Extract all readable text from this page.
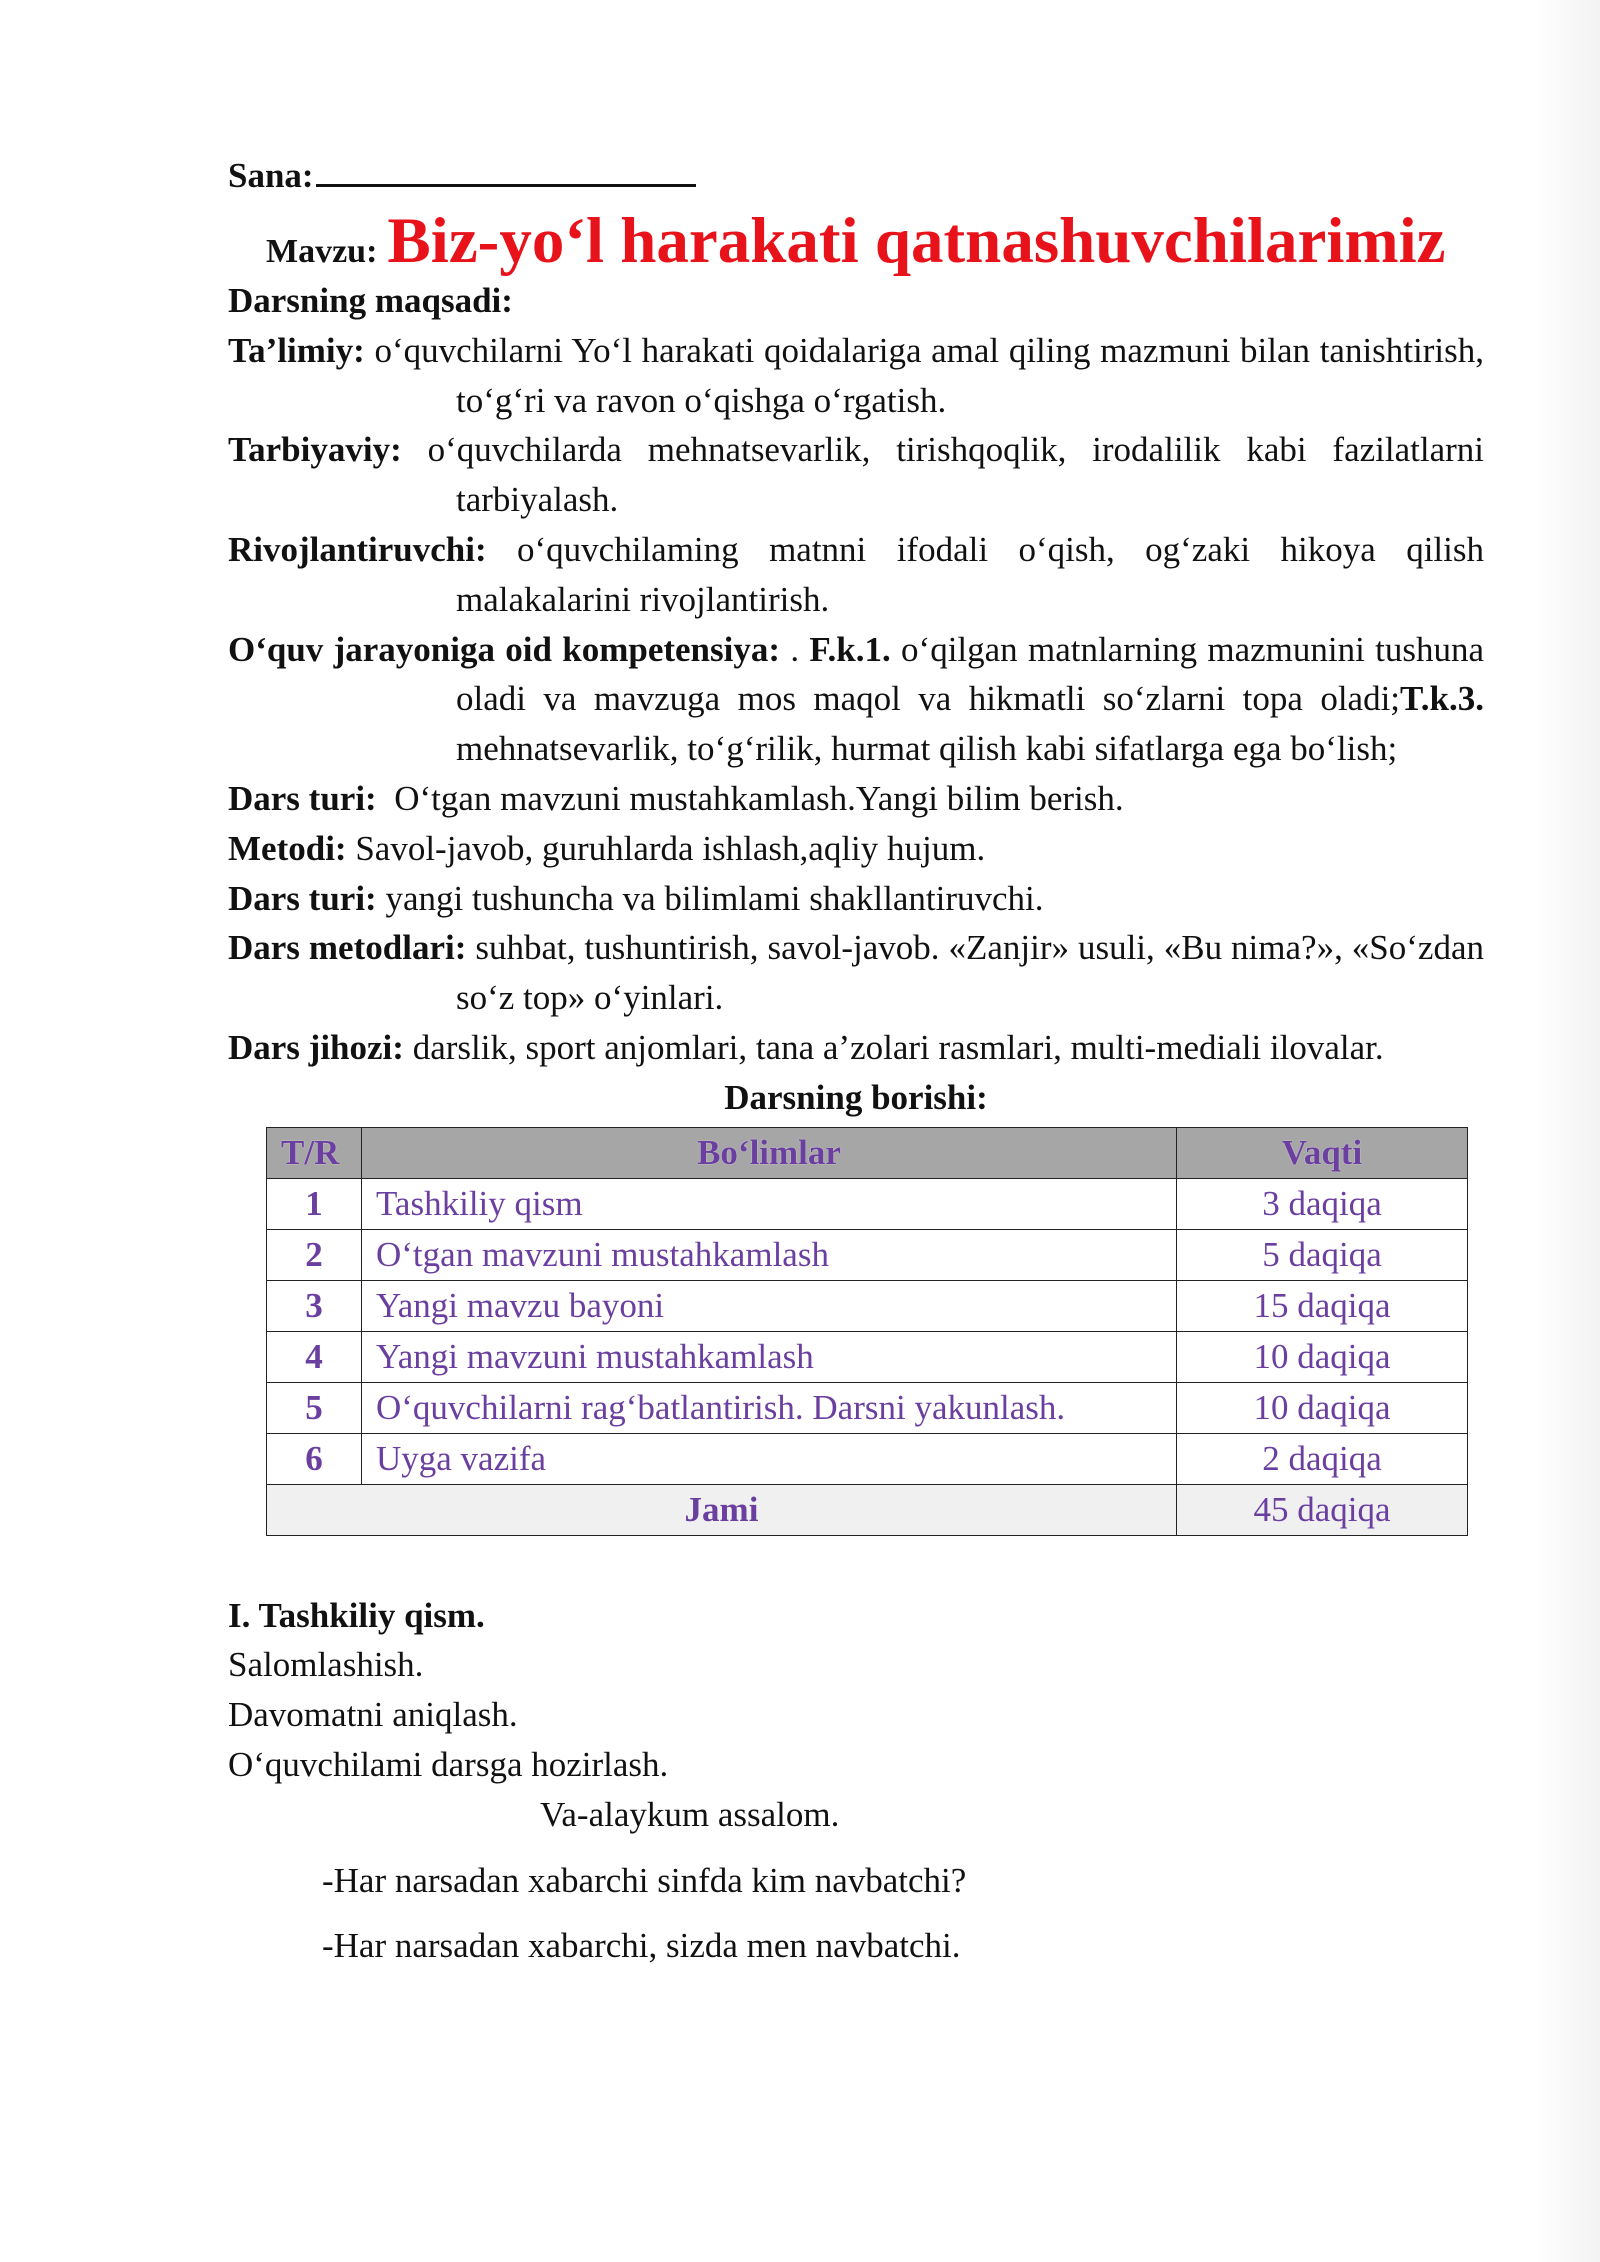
Sana:
Mavzu: Biz-yo‘l harakati qatnashuvchilarimiz
Darsning maqsadi:
Ta’limiy: o‘quvchilarni Yo‘l harakati qoidalariga amal qiling mazmuni bilan tanishtirish, to‘g‘ri va ravon o‘qishga o‘rgatish.
Tarbiyaviy: o‘quvchilarda mehnatsevarlik, tirishqoqlik, irodalilik kabi fazilatlarni tarbiyalash.
Rivojlantiruvchi: o‘quvchilaming matnni ifodali o‘qish, og‘zaki hikoya qilish malakalarini rivojlantirish.
O‘quv jarayoniga oid kompetensiya: . F.k.1. o‘qilgan matnlarning mazmunini tushuna oladi va mavzuga mos maqol va hikmatli so‘zlarni topa oladi;T.k.3. mehnatsevarlik, to‘g‘rilik, hurmat qilish kabi sifatlarga ega bo‘lish;
Dars turi:  O‘tgan mavzuni mustahkamlash.Yangi bilim berish.
Metodi: Savol-javob, guruhlarda ishlash,aqliy hujum.
Dars turi: yangi tushuncha va bilimlami shakllantiruvchi.
Dars metodlari: suhbat, tushuntirish, savol-javob. «Zanjir» usuli, «Bu nima?», «So‘zdan so‘z top» o‘yinlari.
Dars jihozi: darslik, sport anjomlari, tana a’zolari rasmlari, multi-mediali ilovalar.
Darsning borishi:
T/R	Bo‘limlar	Vaqti
1	Tashkiliy qism	3 daqiqa
2	O‘tgan mavzuni mustahkamlash	5 daqiqa
3	Yangi mavzu bayoni	15 daqiqa
4	Yangi mavzuni mustahkamlash	10 daqiqa
5	O‘quvchilarni rag‘batlantirish. Darsni yakunlash.	10 daqiqa
6	Uyga vazifa	2 daqiqa
Jami		45 daqiqa
I. Tashkiliy qism.
Salomlashish.
Davomatni aniqlash.
O‘quvchilami darsga hozirlash.
Va-alaykum assalom.
-Har narsadan xabarchi sinfda kim navbatchi?
-Har narsadan xabarchi, sizda men navbatchi.
